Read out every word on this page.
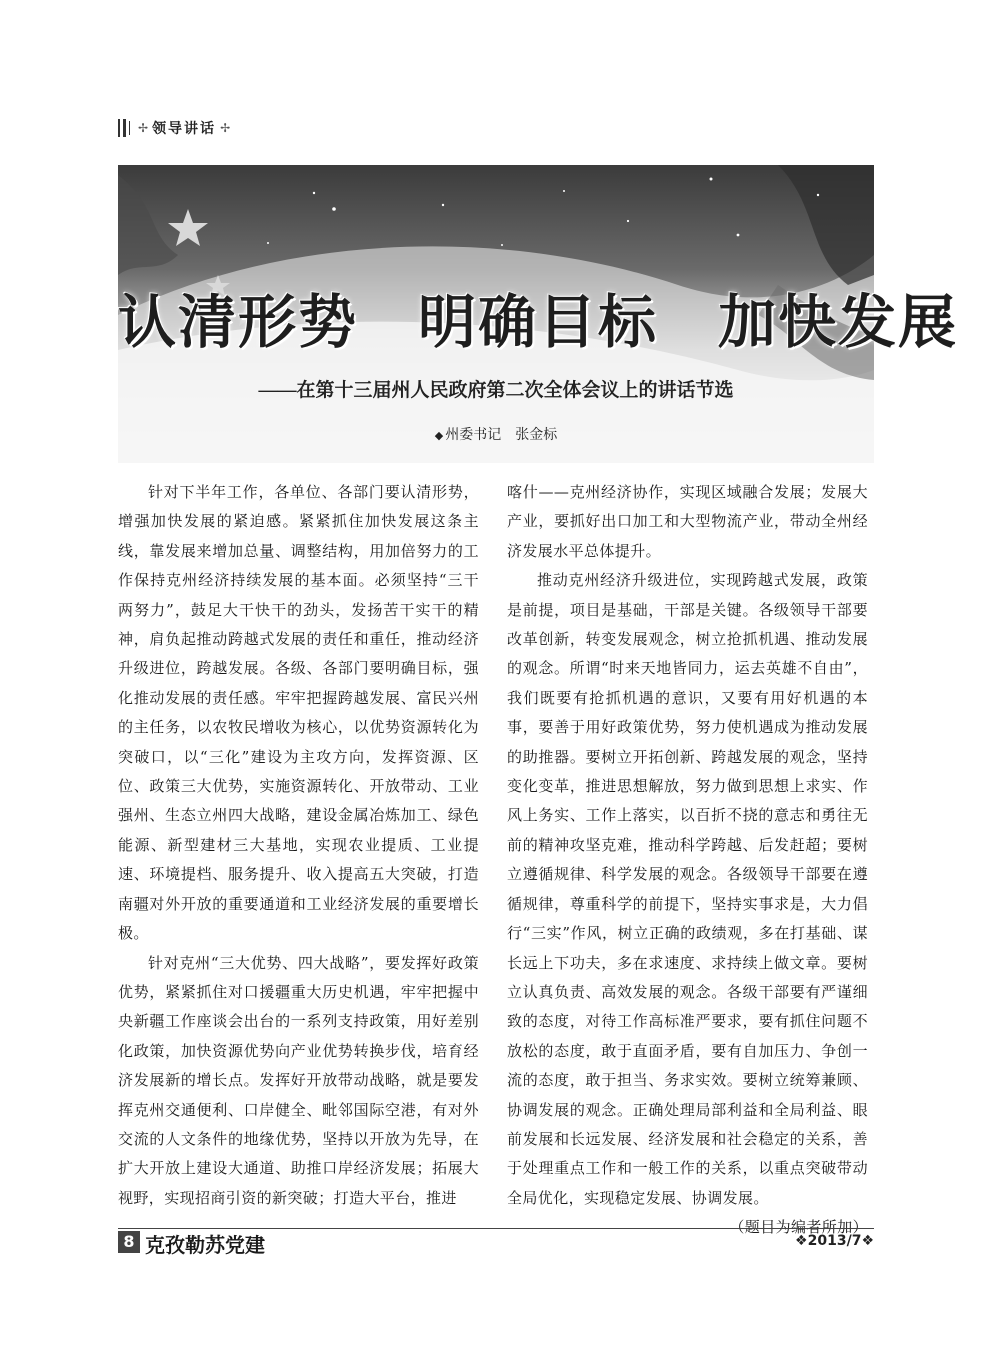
✢ 领导讲话 ✢
认清形势　明确目标　加快发展
——在第十三届州人民政府第二次全体会议上的讲话节选
◆ 州委书记　张金标

针对下半年工作，各单位、各部门要认清形势，增强加快发展的紧迫感。紧紧抓住加快发展这条主线，靠发展来增加总量、调整结构，用加倍努力的工作保持克州经济持续发展的基本面。必须坚持“三干两努力”，鼓足大干快干的劲头，发扬苦干实干的精神，肩负起推动跨越式发展的责任和重任，推动经济升级进位，跨越发展。各级、各部门要明确目标，强化推动发展的责任感。牢牢把握跨越发展、富民兴州的主任务，以农牧民增收为核心，以优势资源转化为突破口，以“三化”建设为主攻方向，发挥资源、区位、政策三大优势，实施资源转化、开放带动、工业强州、生态立州四大战略，建设金属冶炼加工、绿色能源、新型建材三大基地，实现农业提质、工业提速、环境提档、服务提升、收入提高五大突破，打造南疆对外开放的重要通道和工业经济发展的重要增长极。

针对克州“三大优势、四大战略”，要发挥好政策优势，紧紧抓住对口援疆重大历史机遇，牢牢把握中央新疆工作座谈会出台的一系列支持政策，用好差别化政策，加快资源优势向产业优势转换步伐，培育经济发展新的增长点。发挥好开放带动战略，就是要发挥克州交通便利、口岸健全、毗邻国际空港，有对外交流的人文条件的地缘优势，坚持以开放为先导，在扩大开放上建设大通道、助推口岸经济发展；拓展大视野，实现招商引资的新突破；打造大平台，推进

喀什——克州经济协作，实现区域融合发展；发展大产业，要抓好出口加工和大型物流产业，带动全州经济发展水平总体提升。

推动克州经济升级进位，实现跨越式发展，政策是前提，项目是基础，干部是关键。各级领导干部要改革创新，转变发展观念，树立抢抓机遇、推动发展的观念。所谓“时来天地皆同力，运去英雄不自由”，我们既要有抢抓机遇的意识，又要有用好机遇的本事，要善于用好政策优势，努力使机遇成为推动发展的助推器。要树立开拓创新、跨越发展的观念，坚持变化变革，推进思想解放，努力做到思想上求实、作风上务实、工作上落实，以百折不挠的意志和勇往无前的精神攻坚克难，推动科学跨越、后发赶超；要树立遵循规律、科学发展的观念。各级领导干部要在遵循规律，尊重科学的前提下，坚持实事求是，大力倡行“三实”作风，树立正确的政绩观，多在打基础、谋长远上下功夫，多在求速度、求持续上做文章。要树立认真负责、高效发展的观念。各级干部要有严谨细致的态度，对待工作高标准严要求，要有抓住问题不放松的态度，敢于直面矛盾，要有自加压力、争创一流的态度，敢于担当、务求实效。要树立统筹兼顾、协调发展的观念。正确处理局部利益和全局利益、眼前发展和长远发展、经济发展和社会稳定的关系，善于处理重点工作和一般工作的关系，以重点突破带动全局优化，实现稳定发展、协调发展。
（题目为编者所加）

8 克孜勒苏党建	❖2013/7❖
